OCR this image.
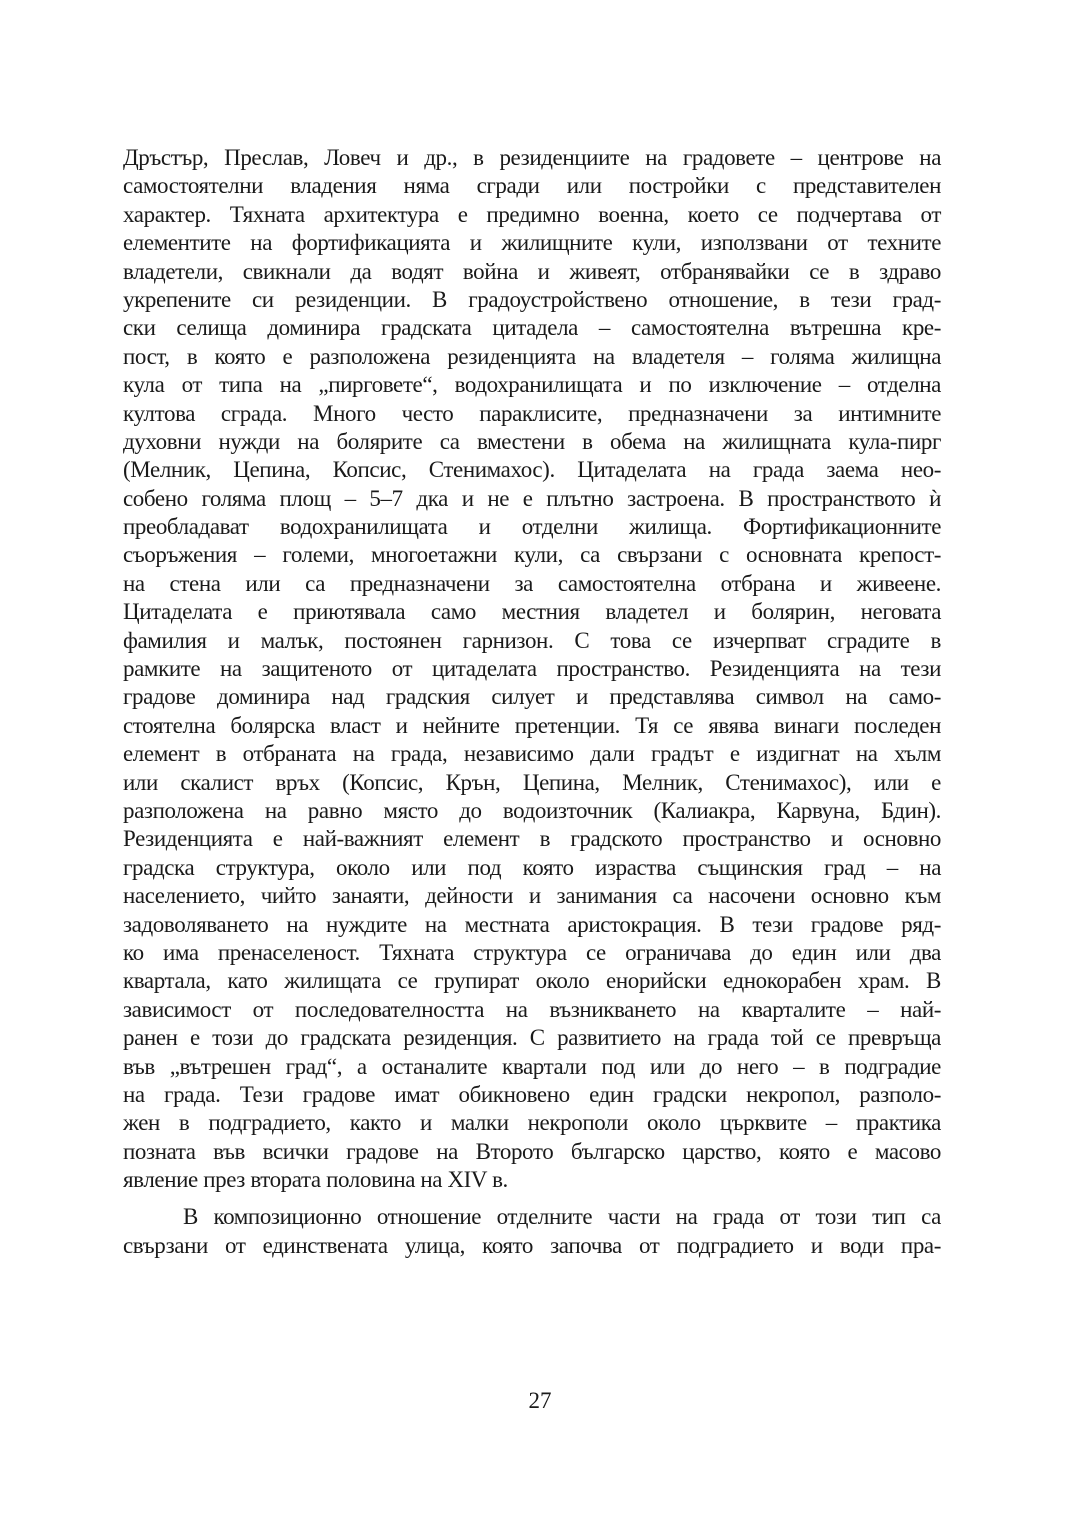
Дръстър, Преслав, Ловеч и др., в резиденциите на градовете – центрове на
самостоятелни владения няма сгради или постройки с представителен
характер. Тяхната архитектура е предимно военна, което се подчертава от
елементите на фортификацията и жилищните кули, използвани от техните
владетели, свикнали да водят война и живеят, отбранявайки се в здраво
укрепените си резиденции. В градоустройствено отношение, в тези град-
ски селища доминира градската цитадела – самостоятелна вътрешна кре-
пост, в която е разположена резиденцията на владетеля – голяма жилищна
кула от типа на „пирговете“, водохранилищата и по изключение – отделна
култова сграда. Много често параклисите, предназначени за интимните
духовни нужди на болярите са вместени в обема на жилищната кула-пирг
(Мелник, Цепина, Копсис, Стенимахос). Цитаделата на града заема нео-
собено голяма площ – 5–7 дка и не е плътно застроена. В пространството ѝ
преобладават водохранилищата и отделни жилища. Фортификационните
съоръжения – големи, многоетажни кули, са свързани с основната крепост-
на стена или са предназначени за самостоятелна отбрана и живеене.
Цитаделата е приютявала само местния владетел и болярин, неговата
фамилия и малък, постоянен гарнизон. С това се изчерпват сградите в
рамките на защитеното от цитаделата пространство. Резиденцията на тези
градове доминира над градския силует и представлява символ на само-
стоятелна болярска власт и нейните претенции. Тя се явява винаги последен
елемент в отбраната на града, независимо дали градът е издигнат на хълм
или скалист връх (Копсис, Крън, Цепина, Мелник, Стенимахос), или е
разположена на равно място до водоизточник (Калиакра, Карвуна, Бдин).
Резиденцията е най-важният елемент в градското пространство и основно
градска структура, около или под която израства същинския град – на
населението, чийто занаяти, дейности и занимания са насочени основно към
задоволяването на нуждите на местната аристокрация. В тези градове ряд-
ко има пренаселеност. Тяхната структура се ограничава до един или два
квартала, като жилищата се групират около енорийски еднокорабен храм. В
зависимост от последователността на възникването на кварталите – най-
ранен е този до градската резиденция. С развитието на града той се превръща
във „вътрешен град“, а останалите квартали под или до него – в подградие
на града. Тези градове имат обикновено един градски некропол, разполо-
жен в подградието, както и малки некрополи около църквите – практика
позната във всички градове на Второто българско царство, която е масово
явление през втората половина на XIV в.
В композиционно отношение отделните части на града от този тип са
свързани от единствената улица, която започва от подградието и води пра-
27
